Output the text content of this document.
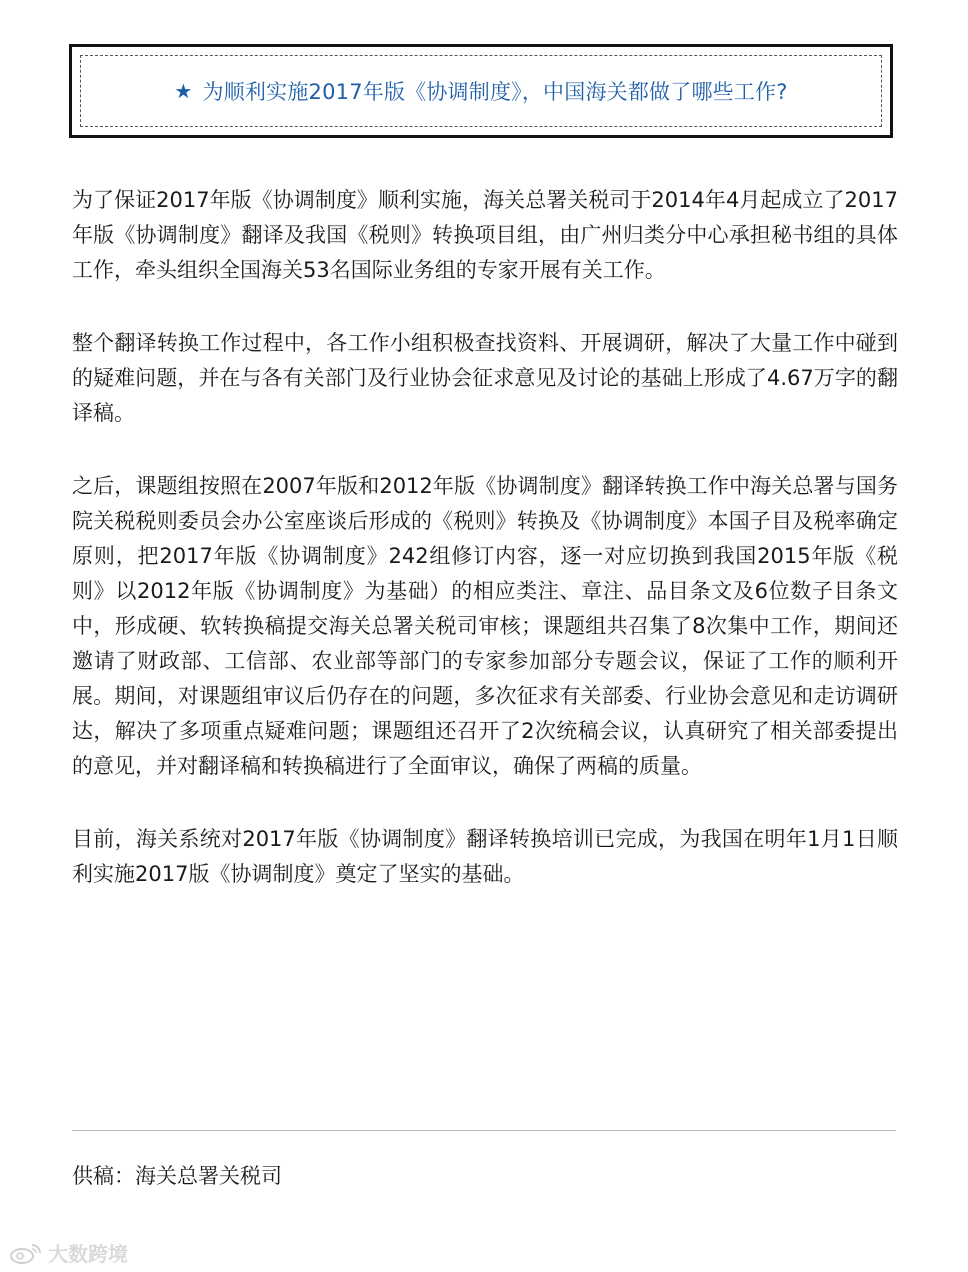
★ 为顺利实施2017年版《协调制度》，中国海关都做了哪些工作?

为了保证2017年版《协调制度》顺利实施，海关总署关税司于2014年4月起成立了2017年版《协调制度》翻译及我国《税则》转换项目组，由广州归类分中心承担秘书组的具体工作，牵头组织全国海关53名国际业务组的专家开展有关工作。

整个翻译转换工作过程中，各工作小组积极查找资料、开展调研，解决了大量工作中碰到的疑难问题，并在与各有关部门及行业协会征求意见及讨论的基础上形成了4.67万字的翻译稿。

之后，课题组按照在2007年版和2012年版《协调制度》翻译转换工作中海关总署与国务院关税税则委员会办公室座谈后形成的《税则》转换及《协调制度》本国子目及税率确定原则，把2017年版《协调制度》242组修订内容，逐一对应切换到我国2015年版《税则》以2012年版《协调制度》为基础）的相应类注、章注、品目条文及6位数子目条文中，形成硬、软转换稿提交海关总署关税司审核；课题组共召集了8次集中工作，期间还邀请了财政部、工信部、农业部等部门的专家参加部分专题会议，保证了工作的顺利开展。期间，对课题组审议后仍存在的问题，多次征求有关部委、行业协会意见和走访调研达，解决了多项重点疑难问题；课题组还召开了2次统稿会议，认真研究了相关部委提出的意见，并对翻译稿和转换稿进行了全面审议，确保了两稿的质量。

目前，海关系统对2017年版《协调制度》翻译转换培训已完成，为我国在明年1月1日顺利实施2017版《协调制度》奠定了坚实的基础。

供稿：海关总署关税司
大数跨境
